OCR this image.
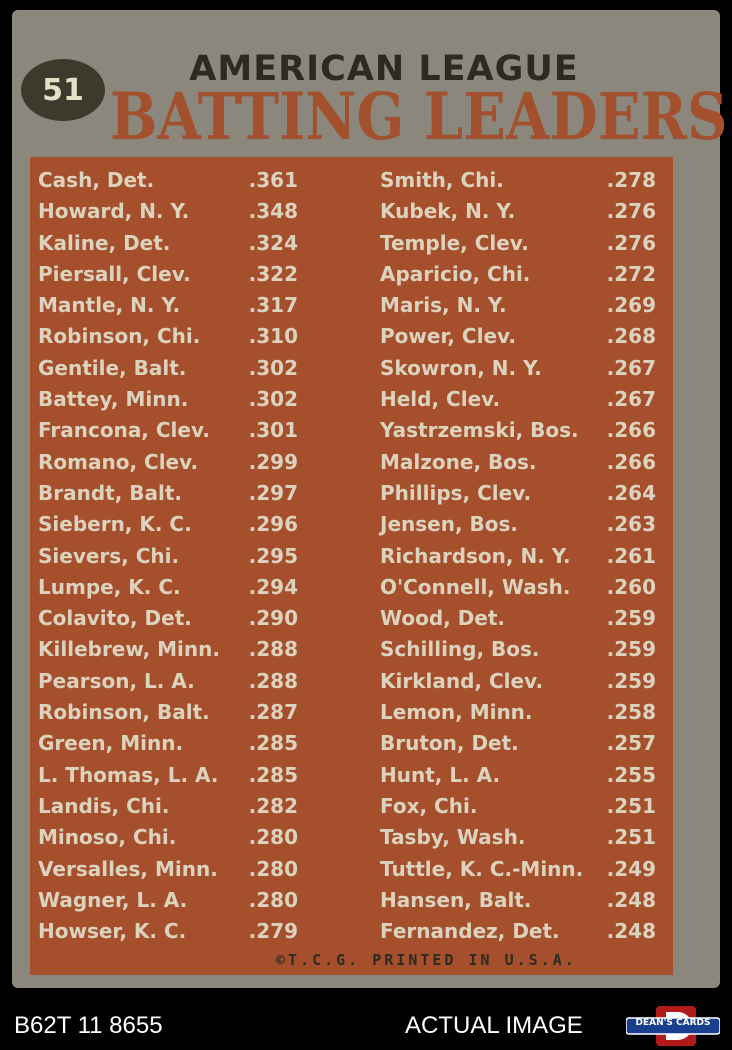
51
AMERICAN LEAGUE
BATTING LEADERS
Cash, Det.	.361
Howard, N. Y.	.348
Kaline, Det.	.324
Piersall, Clev.	.322
Mantle, N. Y.	.317
Robinson, Chi. .310
Gentile, Balt.	.302
Battey, Minn.	.302
Francona, Clev. .301
Romano, Clev.	.299
Brandt, Balt.	.297
Siebern, K. C.	.296
Sievers, Chi.	.295
Lumpe, K. C.	.294
Colavito, Det.	.290
Killebrew, Minn. .288
Pearson, L. A.	.288
Robinson, Balt. .287
Green, Minn.	.285
L. Thomas, L. A. .285
Landis, Chi.	.282
Minoso, Chi.	.280
Versalles, Minn. .280
Wagner, L. A.	.280
Howser, K. C.	.279
Smith, Chi.	.278
Kubek, N. Y.	.276
Temple, Clev.	.276
Aparicio, Chi.	.272
Maris, N. Y.	.269
Power, Clev.	.268
Skowron, N. Y.	.267
Held, Clev.	.267
Yastrzemski, Bos. .266
Malzone, Bos.	.266
Phillips, Clev.	.264
Jensen, Bos.	.263
Richardson, N. Y. .261
O'Connell, Wash. .260
Wood, Det.	.259
Schilling, Bos.	.259
Kirkland, Clev.	.259
Lemon, Minn.	.258
Bruton, Det.	.257
Hunt, L. A.	.255
Fox, Chi.	.251
Tasby, Wash.	.251
Tuttle, K. C.-Minn. .249
Hansen, Balt.	.248
Fernandez, Det. .248
©T.C.G. PRINTED IN U.S.A.
B62T 11 8655	ACTUAL IMAGE	DEAN'S CARDS
